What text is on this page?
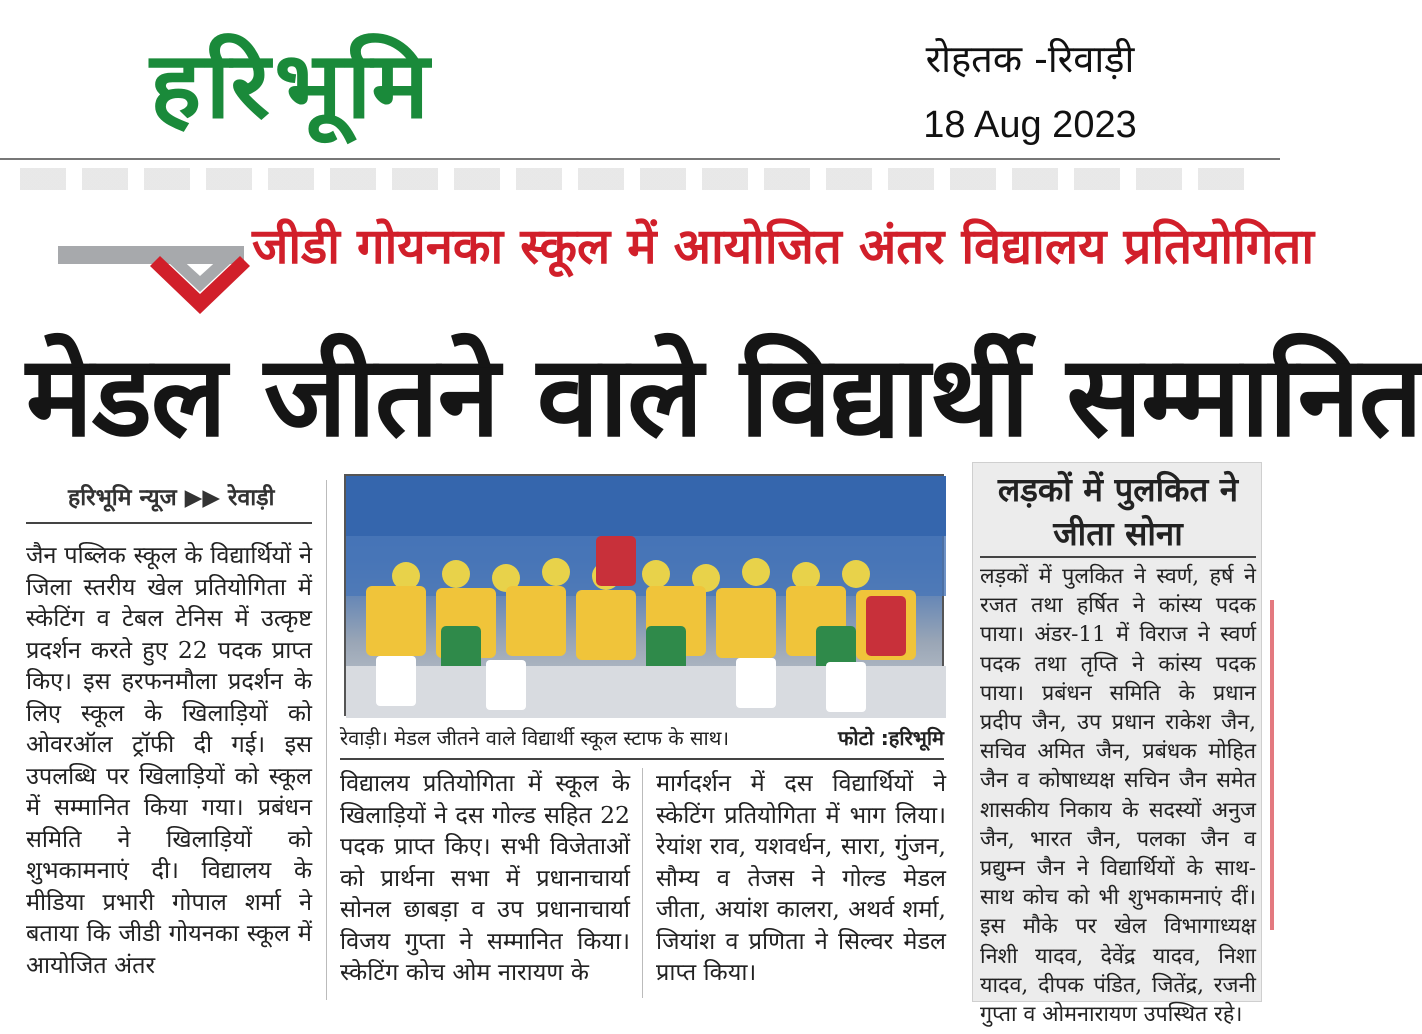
हरिभूमि	रोहतक -रिवाड़ी
18 Aug 2023
जीडी गोयनका स्कूल में आयोजित अंतर विद्यालय प्रतियोगिता
मेडल जीतने वाले विद्यार्थी सम्मानित
हरिभूमि न्यूज ▶▶ रेवाड़ी
जैन पब्लिक स्कूल के विद्यार्थियों ने जिला स्तरीय खेल प्रतियोगिता में स्केटिंग व टेबल टेनिस में उत्कृष्ट प्रदर्शन करते हुए 22 पदक प्राप्त किए। इस हरफनमौला प्रदर्शन के लिए स्कूल के खिलाड़ियों को ओवरऑल ट्रॉफी दी गई। इस उपलब्धि पर खिलाड़ियों को स्कूल में सम्मानित किया गया। प्रबंधन समिति ने खिलाड़ियों को शुभकामनाएं दी। विद्यालय के मीडिया प्रभारी गोपाल शर्मा ने बताया कि जीडी गोयनका स्कूल में आयोजित अंतर
रेवाड़ी। मेडल जीतने वाले विद्यार्थी स्कूल स्टाफ के साथ।	फोटो :हरिभूमि
विद्यालय प्रतियोगिता में स्कूल के खिलाड़ियों ने दस गोल्ड सहित 22 पदक प्राप्त किए। सभी विजेताओं को प्रार्थना सभा में प्रधानाचार्या सोनल छाबड़ा व उप प्रधानाचार्या विजय गुप्ता ने सम्मानित किया। स्केटिंग कोच ओम नारायण के
मार्गदर्शन में दस विद्यार्थियों ने स्केटिंग प्रतियोगिता में भाग लिया। रेयांश राव, यशवर्धन, सारा, गुंजन, सौम्य व तेजस ने गोल्ड मेडल जीता, अयांश कालरा, अथर्व शर्मा, जियांश व प्रणिता ने सिल्वर मेडल प्राप्त किया।
लड़कों में पुलकित ने जीता सोना
लड़कों में पुलकित ने स्वर्ण, हर्ष ने रजत तथा हर्षित ने कांस्य पदक पाया। अंडर-11 में विराज ने स्वर्ण पदक तथा तृप्ति ने कांस्य पदक पाया। प्रबंधन समिति के प्रधान प्रदीप जैन, उप प्रधान राकेश जैन, सचिव अमित जैन, प्रबंधक मोहित जैन व कोषाध्यक्ष सचिन जैन समेत शासकीय निकाय के सदस्यों अनुज जैन, भारत जैन, पलका जैन व प्रद्युम्न जैन ने विद्यार्थियों के साथ-साथ कोच को भी शुभकामनाएं दीं। इस मौके पर खेल विभागाध्यक्ष निशी यादव, देवेंद्र यादव, निशा यादव, दीपक पंडित, जितेंद्र, रजनी गुप्ता व ओमनारायण उपस्थित रहे।
